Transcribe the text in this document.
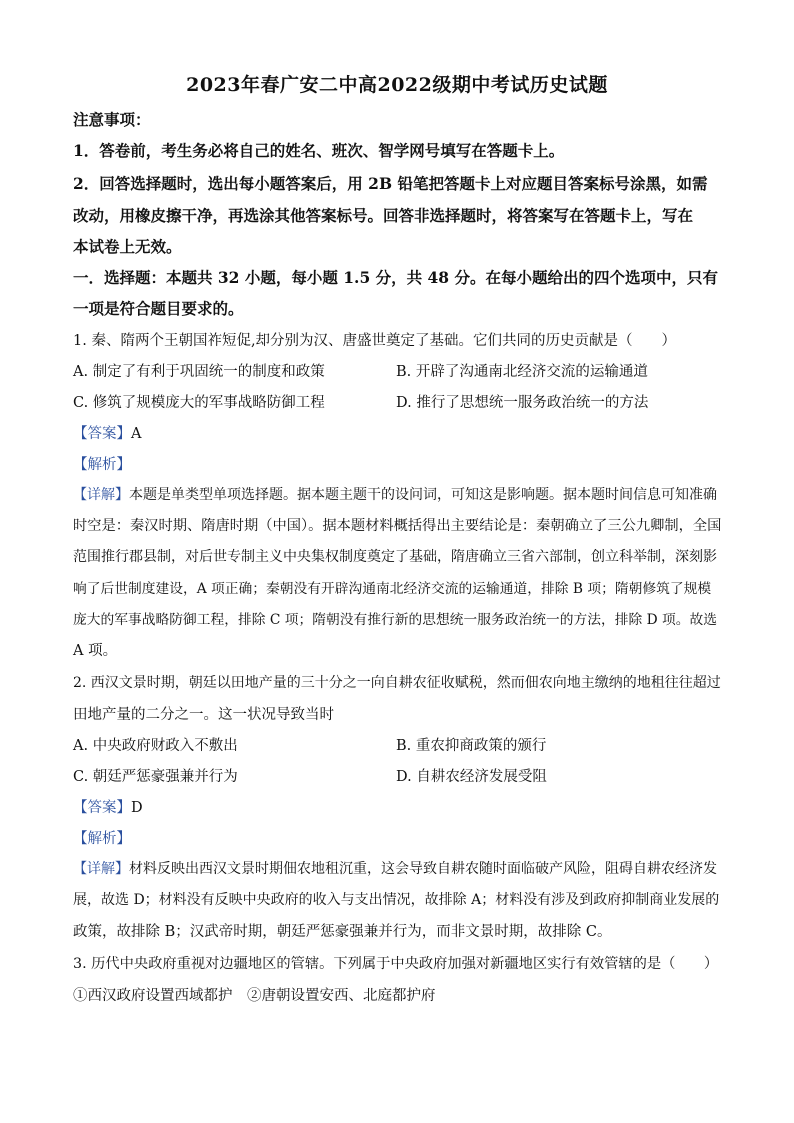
2023年春广安二中高2022级期中考试历史试题
注意事项：
1．答卷前，考生务必将自己的姓名、班次、智学网号填写在答题卡上。
2．回答选择题时，选出每小题答案后，用 2B 铅笔把答题卡上对应题目答案标号涂黑，如需
改动，用橡皮擦干净，再选涂其他答案标号。回答非选择题时，将答案写在答题卡上，写在
本试卷上无效。
一．选择题：本题共 32 小题，每小题 1.5 分，共 48 分。在每小题给出的四个选项中，只有
一项是符合题目要求的。
1. 秦、隋两个王朝国祚短促,却分别为汉、唐盛世奠定了基础。它们共同的历史贡献是（　　）
A. 制定了有利于巩固统一的制度和政策	B. 开辟了沟通南北经济交流的运输通道
C. 修筑了规模庞大的军事战略防御工程	D. 推行了思想统一服务政治统一的方法
【答案】A
【解析】
【详解】本题是单类型单项选择题。据本题主题干的设问词，可知这是影响题。据本题时间信息可知准确
时空是：秦汉时期、隋唐时期（中国）。据本题材料概括得出主要结论是：秦朝确立了三公九卿制，全国
范围推行郡县制，对后世专制主义中央集权制度奠定了基础，隋唐确立三省六部制，创立科举制，深刻影
响了后世制度建设，A 项正确；秦朝没有开辟沟通南北经济交流的运输通道，排除 B 项；隋朝修筑了规模
庞大的军事战略防御工程，排除 C 项；隋朝没有推行新的思想统一服务政治统一的方法，排除 D 项。故选
A 项。
2. 西汉文景时期，朝廷以田地产量的三十分之一向自耕农征收赋税，然而佃农向地主缴纳的地租往往超过
田地产量的二分之一。这一状况导致当时
A. 中央政府财政入不敷出	B. 重农抑商政策的颁行
C. 朝廷严惩豪强兼并行为	D. 自耕农经济发展受阻
【答案】D
【解析】
【详解】材料反映出西汉文景时期佃农地租沉重，这会导致自耕农随时面临破产风险，阻碍自耕农经济发
展，故选 D；材料没有反映中央政府的收入与支出情况，故排除 A；材料没有涉及到政府抑制商业发展的
政策，故排除 B；汉武帝时期，朝廷严惩豪强兼并行为，而非文景时期，故排除 C。
3. 历代中央政府重视对边疆地区的管辖。下列属于中央政府加强对新疆地区实行有效管辖的是（　　）
①西汉政府设置西域都护　②唐朝设置安西、北庭都护府
